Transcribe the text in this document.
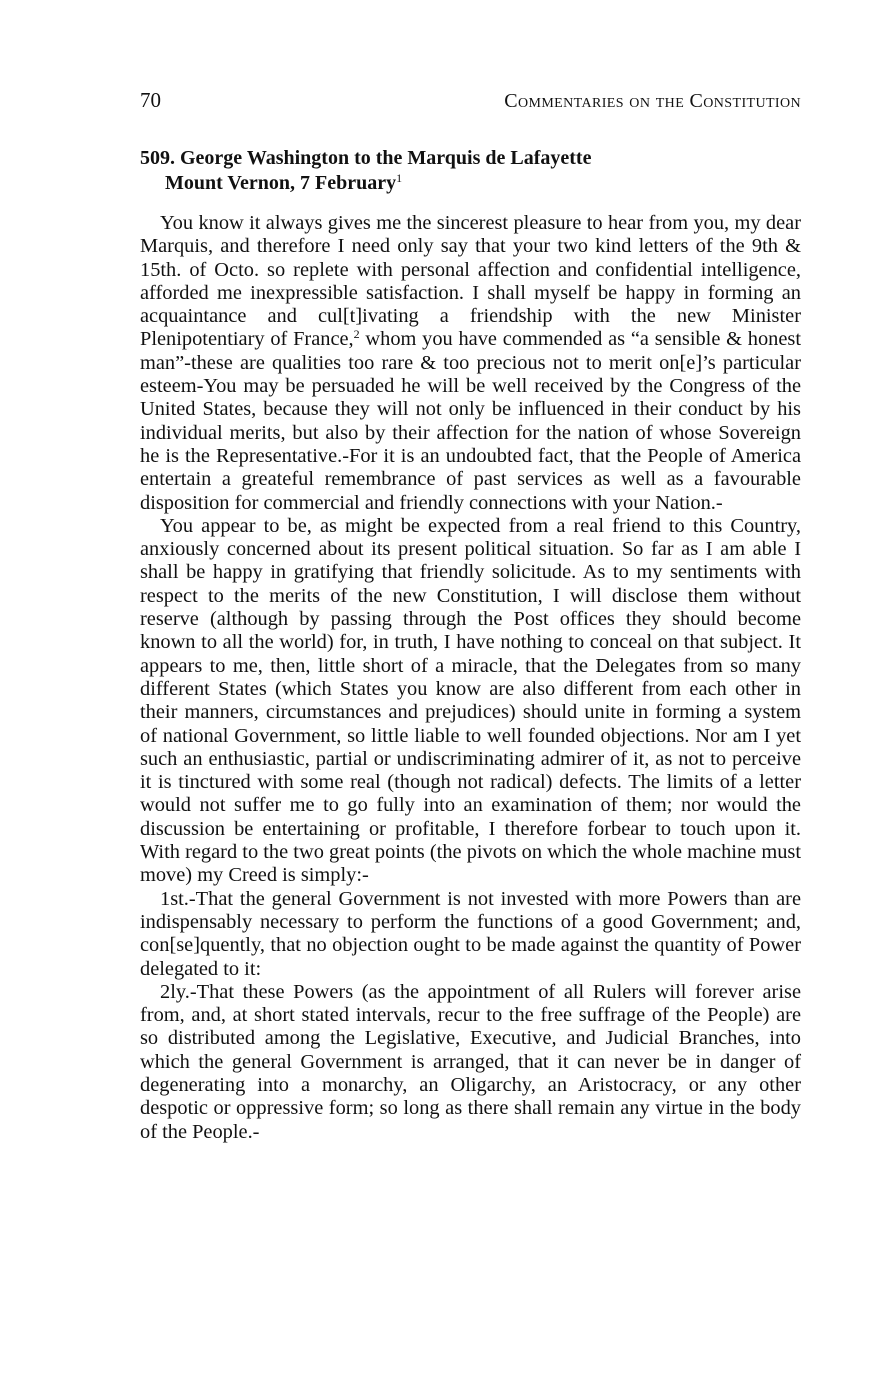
70	Commentaries on the Constitution
509. George Washington to the Marquis de Lafayette
Mount Vernon, 7 February$^1$

You know it always gives me the sincerest pleasure to hear from you, my dear Marquis, and therefore I need only say that your two kind letters of the 9th & 15th. of Octo. so replete with personal affection and confidential intelligence, afforded me inexpressible satisfaction. I shall myself be happy in forming an acquaintance and cul[t]ivating a friendship with the new Minister Plenipotentiary of France,$^2$ whom you have commended as “a sensible & honest man”-these are qualities too rare & too precious not to merit on[e]’s particular esteem-You may be persuaded he will be well received by the Congress of the United States, because they will not only be influenced in their conduct by his individual merits, but also by their affection for the nation of whose Sovereign he is the Representative.-For it is an undoubted fact, that the People of America entertain a greateful remembrance of past services as well as a favourable disposition for commercial and friendly connections with your Nation.-

You appear to be, as might be expected from a real friend to this Country, anxiously concerned about its present political situation. So far as I am able I shall be happy in gratifying that friendly solicitude. As to my sentiments with respect to the merits of the new Constitution, I will disclose them without reserve (although by passing through the Post offices they should become known to all the world) for, in truth, I have nothing to conceal on that subject. It appears to me, then, little short of a miracle, that the Delegates from so many different States (which States you know are also different from each other in their manners, circumstances and prejudices) should unite in forming a system of national Government, so little liable to well founded objections. Nor am I yet such an enthusiastic, partial or undiscriminating admirer of it, as not to perceive it is tinctured with some real (though not radical) defects. The limits of a letter would not suffer me to go fully into an examination of them; nor would the discussion be entertaining or profitable, I therefore forbear to touch upon it. With regard to the two great points (the pivots on which the whole machine must move) my Creed is simply:-

1st.-That the general Government is not invested with more Powers than are indispensably necessary to perform the functions of a good Government; and, con[se]quently, that no objection ought to be made against the quantity of Power delegated to it:

2ly.-That these Powers (as the appointment of all Rulers will forever arise from, and, at short stated intervals, recur to the free suffrage of the People) are so distributed among the Legislative, Executive, and Judicial Branches, into which the general Government is arranged, that it can never be in danger of degenerating into a monarchy, an Oligarchy, an Aristocracy, or any other despotic or oppressive form; so long as there shall remain any virtue in the body of the People.-
